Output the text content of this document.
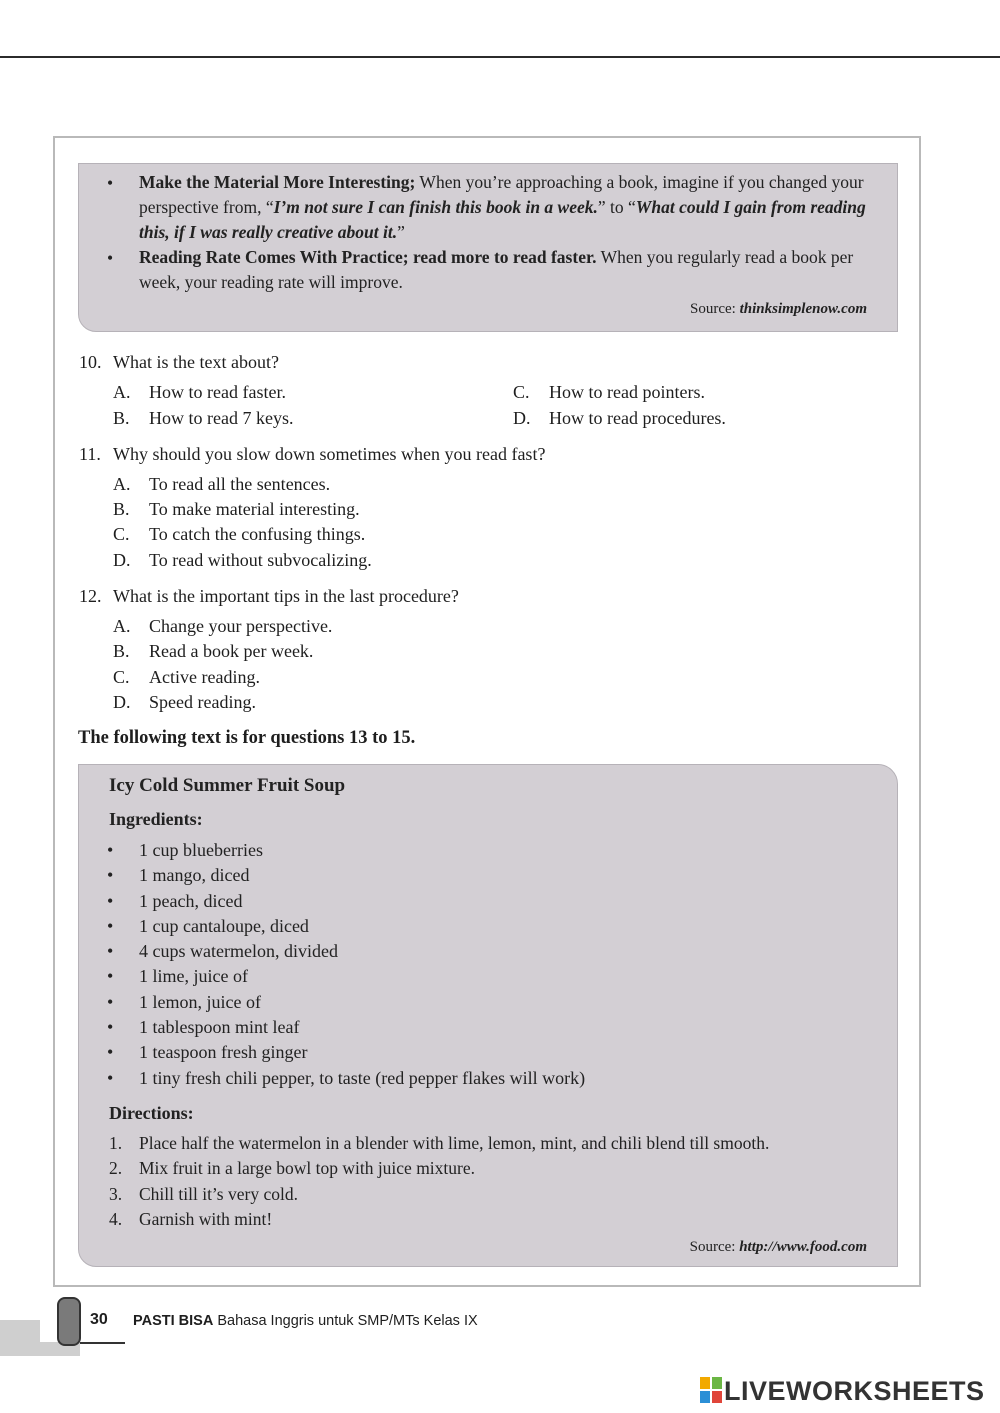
• Make the Material More Interesting; When you’re approaching a book, imagine if you changed your perspective from, “I’m not sure I can finish this book in a week.” to “What could I gain from reading this, if I was really creative about it.”
• Reading Rate Comes With Practice; read more to read faster. When you regularly read a book per week, your reading rate will improve.
Source: thinksimplenow.com
10. What is the text about?
A. How to read faster.
B. How to read 7 keys.
C. How to read pointers.
D. How to read procedures.
11. Why should you slow down sometimes when you read fast?
A. To read all the sentences.
B. To make material interesting.
C. To catch the confusing things.
D. To read without subvocalizing.
12. What is the important tips in the last procedure?
A. Change your perspective.
B. Read a book per week.
C. Active reading.
D. Speed reading.
The following text is for questions 13 to 15.
Icy Cold Summer Fruit Soup
Ingredients:
• 1 cup blueberries
• 1 mango, diced
• 1 peach, diced
• 1 cup cantaloupe, diced
• 4 cups watermelon, divided
• 1 lime, juice of
• 1 lemon, juice of
• 1 tablespoon mint leaf
• 1 teaspoon fresh ginger
• 1 tiny fresh chili pepper, to taste (red pepper flakes will work)
Directions:
1. Place half the watermelon in a blender with lime, lemon, mint, and chili blend till smooth.
2. Mix fruit in a large bowl top with juice mixture.
3. Chill till it’s very cold.
4. Garnish with mint!
Source: http://www.food.com
30 PASTI BISA Bahasa Inggris untuk SMP/MTs Kelas IX
LIVEWORKSHEETS
